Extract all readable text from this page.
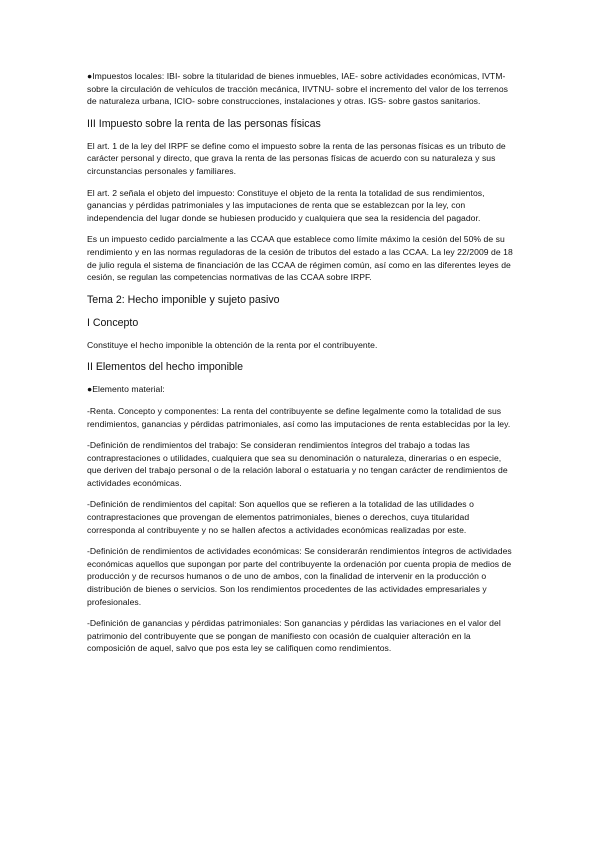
●Impuestos locales: IBI- sobre la titularidad de bienes inmuebles, IAE- sobre actividades económicas, IVTM- sobre la circulación de vehículos de tracción mecánica, IIVTNU- sobre el incremento del valor de los terrenos de naturaleza urbana, ICIO- sobre construcciones, instalaciones y otras. IGS- sobre gastos sanitarios.

III Impuesto sobre la renta de las personas físicas

El art. 1 de la ley del IRPF se define como el impuesto sobre la renta de las personas físicas es un tributo de carácter personal y directo, que grava la renta de las personas físicas de acuerdo con su naturaleza y sus circunstancias personales y familiares.

El art. 2 señala el objeto del impuesto: Constituye el objeto de la renta la totalidad de sus rendimientos, ganancias y pérdidas patrimoniales y las imputaciones de renta que se establezcan por la ley, con independencia del lugar donde se hubiesen producido y cualquiera que sea la residencia del pagador.

Es un impuesto cedido parcialmente a las CCAA que establece como límite máximo la cesión del 50% de su rendimiento y en las normas reguladoras de la cesión de tributos del estado a las CCAA. La ley 22/2009 de 18 de julio regula el sistema de financiación de las CCAA de régimen común, así como en las diferentes leyes de cesión, se regulan las competencias normativas de las CCAA sobre IRPF.

Tema 2: Hecho imponible y sujeto pasivo
I Concepto

Constituye el hecho imponible la obtención de la renta por el contribuyente.

II Elementos del hecho imponible

●Elemento material:

-Renta. Concepto y componentes: La renta del contribuyente se define legalmente como la totalidad de sus rendimientos, ganancias y pérdidas patrimoniales, así como las imputaciones de renta establecidas por la ley.

-Definición de rendimientos del trabajo: Se consideran rendimientos íntegros del trabajo a todas las contraprestaciones o utilidades, cualquiera que sea su denominación o naturaleza, dinerarias o en especie, que deriven del trabajo personal o de la relación laboral o estatuaria y no tengan carácter de rendimientos de actividades económicas.

-Definición de rendimientos del capital: Son aquellos que se refieren a la totalidad de las utilidades o contraprestaciones que provengan de elementos patrimoniales, bienes o derechos, cuya titularidad corresponda al contribuyente y no se hallen afectos a actividades económicas realizadas por este.

-Definición de rendimientos de actividades económicas: Se considerarán rendimientos íntegros de actividades económicas aquellos que supongan por parte del contribuyente la ordenación por cuenta propia de medios de producción y de recursos humanos o de uno de ambos, con la finalidad de intervenir en la producción o distribución de bienes o servicios. Son los rendimientos procedentes de las actividades empresariales y profesionales.

-Definición de ganancias y pérdidas patrimoniales: Son ganancias y pérdidas las variaciones en el valor del patrimonio del contribuyente que se pongan de manifiesto con ocasión de cualquier alteración en la composición de aquel, salvo que pos esta ley se califiquen como rendimientos.
